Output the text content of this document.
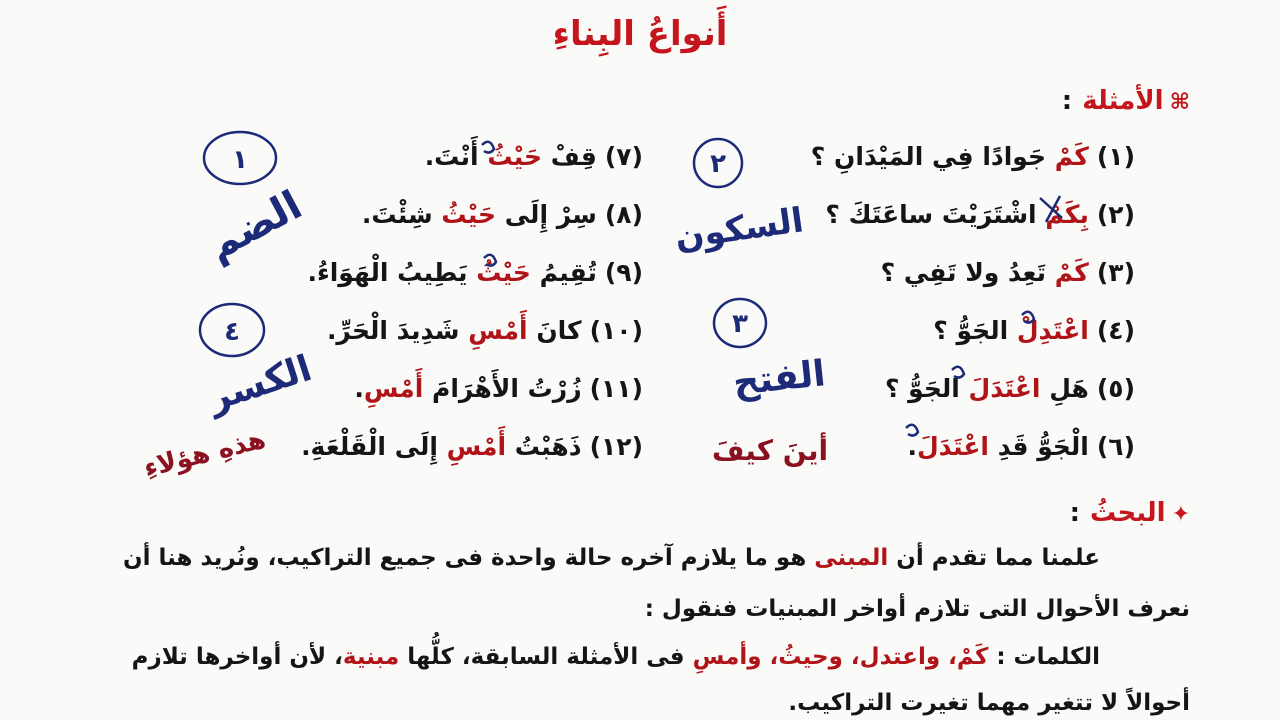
أَنواعُ البِناءِ
⌘الأمثلة:
(١)كَمْ جَوادًا فِي المَيْدَانِ ؟
(٢)بِكَمْ اشْتَرَيْتَ ساعَتَكَ ؟
(٣)كَمْ تَعِدُ ولا تَفِي ؟
(٤)اعْتَدِلْ الجَوُّ ؟
(٥)هَلِ اعْتَدَلَ الجَوُّ ؟
(٦)الْجَوُّ قَدِ اعْتَدَلَ.
(٧)قِفْ حَيْثُ أَنْتَ.
(٨)سِرْ إِلَى حَيْثُ شِئْتَ.
(٩)تُقِيمُ حَيْثُ يَطِيبُ الْهَوَاءُ.
(١٠)كانَ أَمْسِ شَدِيدَ الْحَرِّ.
(١١)زُرْتُ الأَهْرَامَ أَمْسِ.
(١٢)ذَهَبْتُ أَمْسِ إِلَى الْقَلْعَةِ.
✦البحثُ:
علمنا مما تقدم أن المبنى هو ما يلازم آخره حالة واحدة فى جميع التراكيب، ونُريد هنا أن
نعرف الأحوال التى تلازم أواخر المبنيات فنقول :
الكلمات : كَمْ، واعتدل، وحيثُ، وأمسِ فى الأمثلة السابقة، كلُّها مبنية، لأن أواخرها تلازم
أحوالاً لا تتغير مهما تغيرت التراكيب.
١	٢
٣
٤
السكون
الفتح
الضم
الكسر
أينَ كيفَ
هذهِ هؤلاءِ
